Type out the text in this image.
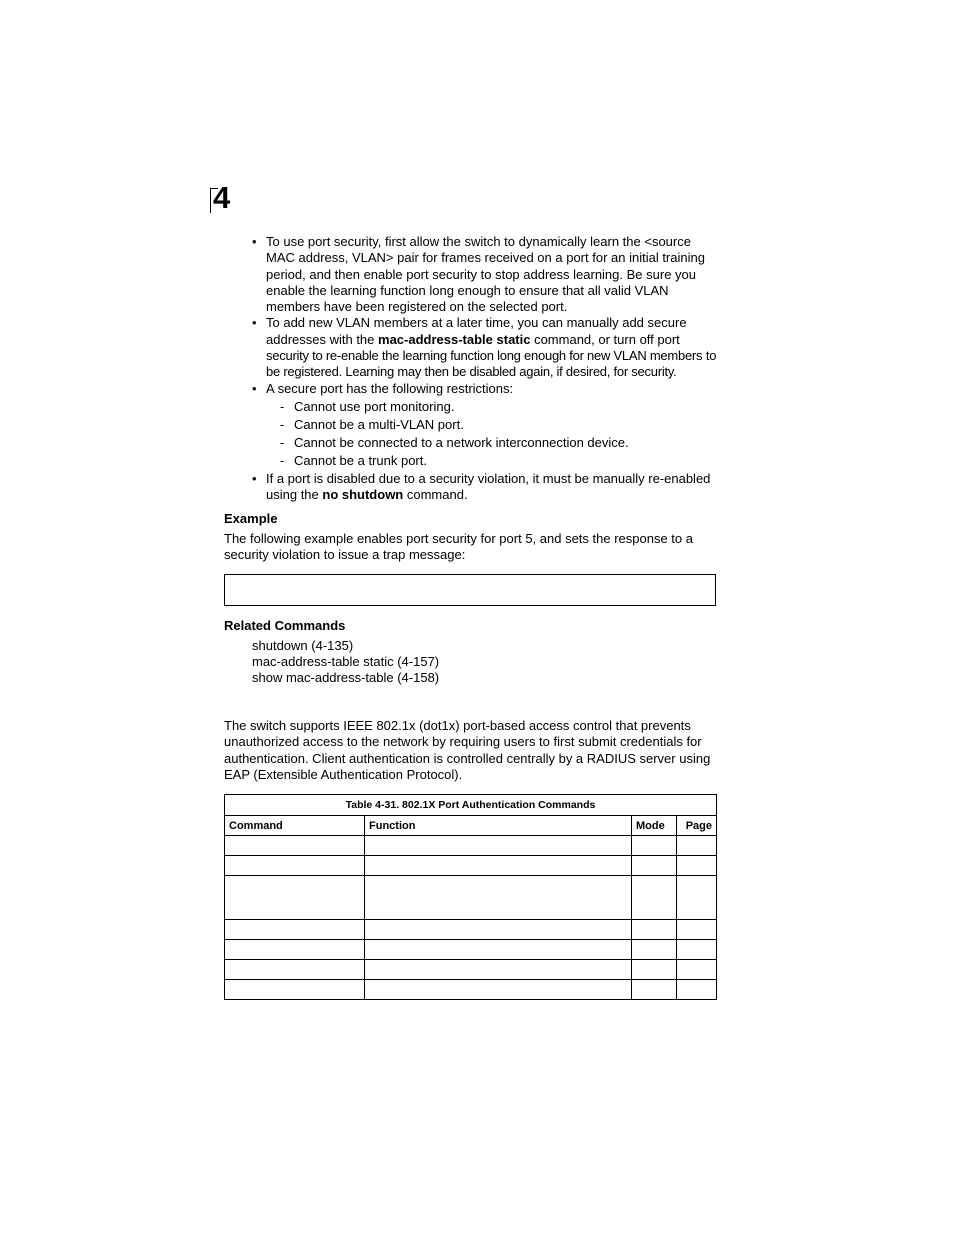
4
• To use port security, first allow the switch to dynamically learn the <source MAC address, VLAN> pair for frames received on a port for an initial training period, and then enable port security to stop address learning. Be sure you enable the learning function long enough to ensure that all valid VLAN members have been registered on the selected port.
• To add new VLAN members at a later time, you can manually add secure addresses with the mac-address-table static command, or turn off port security to re-enable the learning function long enough for new VLAN members to be registered. Learning may then be disabled again, if desired, for security.
• A secure port has the following restrictions:
- Cannot use port monitoring.
- Cannot be a multi-VLAN port.
- Cannot be connected to a network interconnection device.
- Cannot be a trunk port.
• If a port is disabled due to a security violation, it must be manually re-enabled using the no shutdown command.
Example
The following example enables port security for port 5, and sets the response to a security violation to issue a trap message:
Related Commands
shutdown (4-135)
mac-address-table static (4-157)
show mac-address-table (4-158)
The switch supports IEEE 802.1x (dot1x) port-based access control that prevents unauthorized access to the network by requiring users to first submit credentials for authentication. Client authentication is controlled centrally by a RADIUS server using EAP (Extensible Authentication Protocol).
Table 4-31. 802.1X Port Authentication Commands			
Command	Function	Mode	Page
